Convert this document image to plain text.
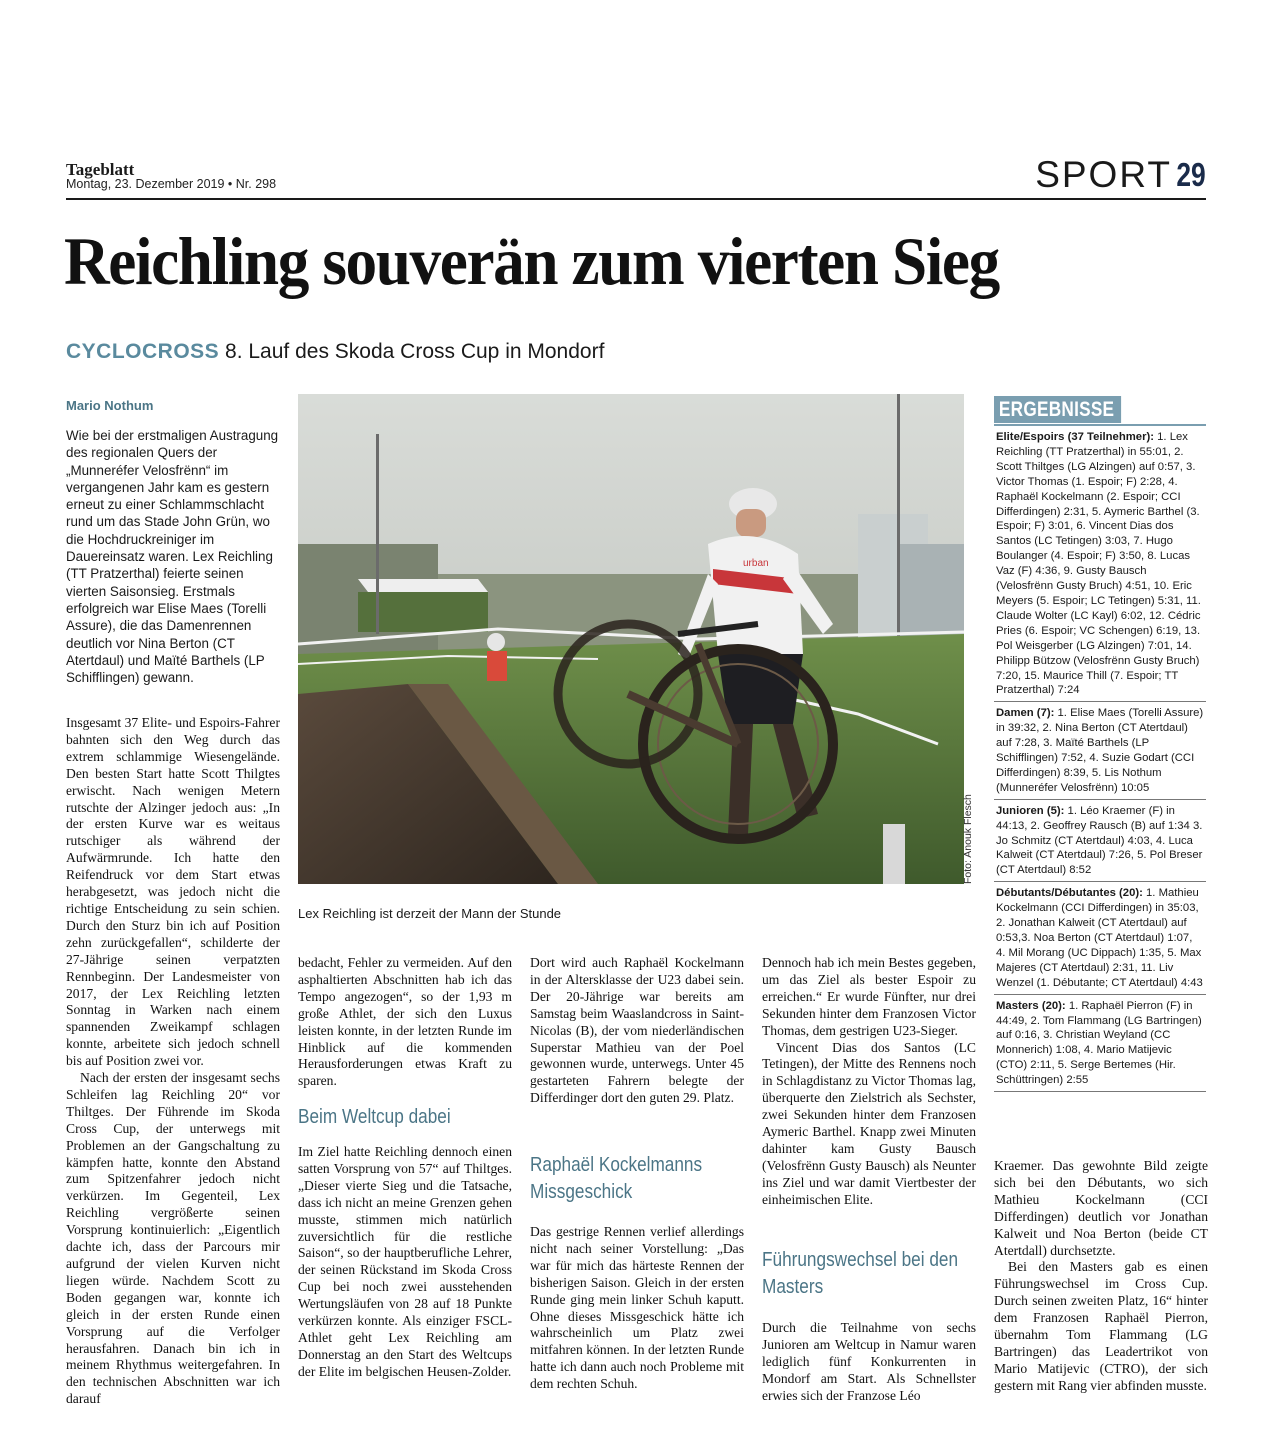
Tageblatt
Montag, 23. Dezember 2019 • Nr. 298	SPORT 29
Reichling souverän zum vierten Sieg
CYCLOCROSS 8. Lauf des Skoda Cross Cup in Mondorf
Mario Nothum

Wie bei der erstmaligen Austragung des regionalen Quers der „Munneréfer Velosfrënn“ im vergangenen Jahr kam es gestern erneut zu einer Schlammschlacht rund um das Stade John Grün, wo die Hochdruckreiniger im Dauereinsatz waren. Lex Reichling (TT Pratzerthal) feierte seinen vierten Saisonsieg. Erstmals erfolgreich war Elise Maes (Torelli Assure), die das Damenrennen deutlich vor Nina Berton (CT Atertdaul) und Maïté Barthels (LP Schifflingen) gewann.

urban
Foto: Anouk Flesch
Lex Reichling ist derzeit der Mann der Stunde
ERGEBNISSE
Elite/Espoirs (37 Teilnehmer): 1. Lex Reichling (TT Pratzerthal) in 55:01, 2. Scott Thiltges (LG Alzingen) auf 0:57, 3. Victor Thomas (1. Espoir; F) 2:28, 4. Raphaël Kockelmann (2. Espoir; CCI Differdingen) 2:31, 5. Aymeric Barthel (3. Espoir; F) 3:01, 6. Vincent Dias dos Santos (LC Tetingen) 3:03, 7. Hugo Boulanger (4. Espoir; F) 3:50, 8. Lucas Vaz (F) 4:36, 9. Gusty Bausch (Velosfrënn Gusty Bruch) 4:51, 10. Eric Meyers (5. Espoir; LC Tetingen) 5:31, 11. Claude Wolter (LC Kayl) 6:02, 12. Cédric Pries (6. Espoir; VC Schengen) 6:19, 13. Pol Weisgerber (LG Alzingen) 7:01, 14. Philipp Bützow (Velosfrënn Gusty Bruch) 7:20, 15. Maurice Thill (7. Espoir; TT Pratzerthal) 7:24
Damen (7): 1. Elise Maes (Torelli Assure) in 39:32, 2. Nina Berton (CT Atertdaul) auf 7:28, 3. Maïté Barthels (LP Schifflingen) 7:52, 4. Suzie Godart (CCI Differdingen) 8:39, 5. Lis Nothum (Munneréfer Velosfrënn) 10:05
Junioren (5): 1. Léo Kraemer (F) in 44:13, 2. Geoffrey Rausch (B) auf 1:34 3. Jo Schmitz (CT Atertdaul) 4:03, 4. Luca Kalweit (CT Atertdaul) 7:26, 5. Pol Breser (CT Atertdaul) 8:52
Débutants/Débutantes (20): 1. Mathieu Kockelmann (CCI Differdingen) in 35:03, 2. Jonathan Kalweit (CT Atertdaul) auf 0:53,3. Noa Berton (CT Atertdaul) 1:07, 4. Mil Morang (UC Dippach) 1:35, 5. Max Majeres (CT Atertdaul) 2:31, 11. Liv Wenzel (1. Débutante; CT Atertdaul) 4:43
Masters (20): 1. Raphaël Pierron (F) in 44:49, 2. Tom Flammang (LG Bartringen) auf 0:16, 3. Christian Weyland (CC Monnerich) 1:08, 4. Mario Matijevic (CTO) 2:11, 5. Serge Bertemes (Hir. Schüttringen) 2:55

Insgesamt 37 Elite- und Espoirs-Fahrer bahnten sich den Weg durch das extrem schlammige Wiesengelände. Den besten Start hatte Scott Thilgtes erwischt. Nach wenigen Metern rutschte der Alzinger jedoch aus: „In der ersten Kurve war es weitaus rutschiger als während der Aufwärmrunde. Ich hatte den Reifendruck vor dem Start etwas herabgesetzt, was jedoch nicht die richtige Entscheidung zu sein schien. Durch den Sturz bin ich auf Position zehn zurückgefallen“, schilderte der 27-Jährige seinen verpatzten Rennbeginn. Der Landesmeister von 2017, der Lex Reichling letzten Sonntag in Warken nach einem spannenden Zweikampf schlagen konnte, arbeitete sich jedoch schnell bis auf Position zwei vor.

Nach der ersten der insgesamt sechs Schleifen lag Reichling 20“ vor Thiltges. Der Führende im Skoda Cross Cup, der unterwegs mit Problemen an der Gangschaltung zu kämpfen hatte, konnte den Abstand zum Spitzenfahrer jedoch nicht verkürzen. Im Gegenteil, Lex Reichling vergrößerte seinen Vorsprung kontinuierlich: „Eigentlich dachte ich, dass der Parcours mir aufgrund der vielen Kurven nicht liegen würde. Nachdem Scott zu Boden gegangen war, konnte ich gleich in der ersten Runde einen Vorsprung auf die Verfolger herausfahren. Danach bin ich in meinem Rhythmus weitergefahren. In den technischen Abschnitten war ich darauf

bedacht, Fehler zu vermeiden. Auf den asphaltierten Abschnitten hab ich das Tempo angezogen“, so der 1,93 m große Athlet, der sich den Luxus leisten konnte, in der letzten Runde im Hinblick auf die kommenden Herausforderungen etwas Kraft zu sparen.

Beim Weltcup dabei

Im Ziel hatte Reichling dennoch einen satten Vorsprung von 57“ auf Thiltges. „Dieser vierte Sieg und die Tatsache, dass ich nicht an meine Grenzen gehen musste, stimmen mich natürlich zuversichtlich für die restliche Saison“, so der hauptberufliche Lehrer, der seinen Rückstand im Skoda Cross Cup bei noch zwei ausstehenden Wertungsläufen von 28 auf 18 Punkte verkürzen konnte. Als einziger FSCL-Athlet geht Lex Reichling am Donnerstag an den Start des Weltcups der Elite im belgischen Heusen-Zolder.

Dort wird auch Raphaël Kockelmann in der Altersklasse der U23 dabei sein. Der 20-Jährige war bereits am Samstag beim Waaslandcross in Saint-Nicolas (B), der vom niederländischen Superstar Mathieu van der Poel gewonnen wurde, unterwegs. Unter 45 gestarteten Fahrern belegte der Differdinger dort den guten 29. Platz.

Raphaël Kockelmanns Missgeschick

Das gestrige Rennen verlief allerdings nicht nach seiner Vorstellung: „Das war für mich das härteste Rennen der bisherigen Saison. Gleich in der ersten Runde ging mein linker Schuh kaputt. Ohne dieses Missgeschick hätte ich wahrscheinlich um Platz zwei mitfahren können. In der letzten Runde hatte ich dann auch noch Probleme mit dem rechten Schuh.

Dennoch hab ich mein Bestes gegeben, um das Ziel als bester Espoir zu erreichen.“ Er wurde Fünfter, nur drei Sekunden hinter dem Franzosen Victor Thomas, dem gestrigen U23-Sieger.

Vincent Dias dos Santos (LC Tetingen), der Mitte des Rennens noch in Schlagdistanz zu Victor Thomas lag, überquerte den Zielstrich als Sechster, zwei Sekunden hinter dem Franzosen Aymeric Barthel. Knapp zwei Minuten dahinter kam Gusty Bausch (Velosfrënn Gusty Bausch) als Neunter ins Ziel und war damit Viertbester der einheimischen Elite.

Führungswechsel bei den Masters

Durch die Teilnahme von sechs Junioren am Weltcup in Namur waren lediglich fünf Konkurrenten in Mondorf am Start. Als Schnellster erwies sich der Franzose Léo

Kraemer. Das gewohnte Bild zeigte sich bei den Débutants, wo sich Mathieu Kockelmann (CCI Differdingen) deutlich vor Jonathan Kalweit und Noa Berton (beide CT Atertdall) durchsetzte.

Bei den Masters gab es einen Führungswechsel im Cross Cup. Durch seinen zweiten Platz, 16“ hinter dem Franzosen Raphaël Pierron, übernahm Tom Flammang (LG Bartringen) das Leadertrikot von Mario Matijevic (CTRO), der sich gestern mit Rang vier abfinden musste.
